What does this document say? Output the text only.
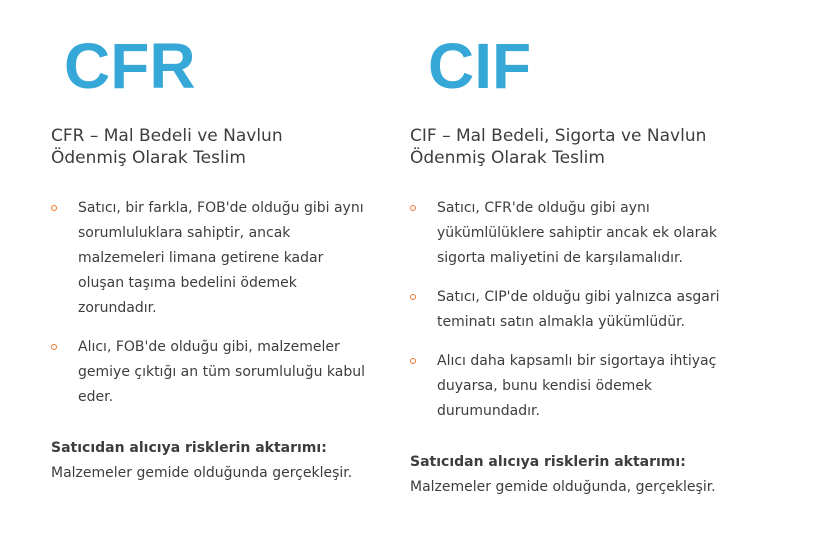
CFR
CFR – Mal Bedeli ve Navlun
Ödenmiş Olarak Teslim
Satıcı, bir farkla, FOB'de olduğu gibi aynı
sorumluluklara sahiptir, ancak
malzemeleri limana getirene kadar
oluşan taşıma bedelini ödemek
zorundadır.
Alıcı, FOB'de olduğu gibi, malzemeler
gemiye çıktığı an tüm sorumluluğu kabul
eder.

Satıcıdan alıcıya risklerin aktarımı:

Malzemeler gemide olduğunda gerçekleşir.

CIF
CIF – Mal Bedeli, Sigorta ve Navlun
Ödenmiş Olarak Teslim
Satıcı, CFR'de olduğu gibi aynı
yükümlülüklere sahiptir ancak ek olarak
sigorta maliyetini de karşılamalıdır.
Satıcı, CIP'de olduğu gibi yalnızca asgari
teminatı satın almakla yükümlüdür.
Alıcı daha kapsamlı bir sigortaya ihtiyaç
duyarsa, bunu kendisi ödemek
durumundadır.

Satıcıdan alıcıya risklerin aktarımı:

Malzemeler gemide olduğunda, gerçekleşir.
